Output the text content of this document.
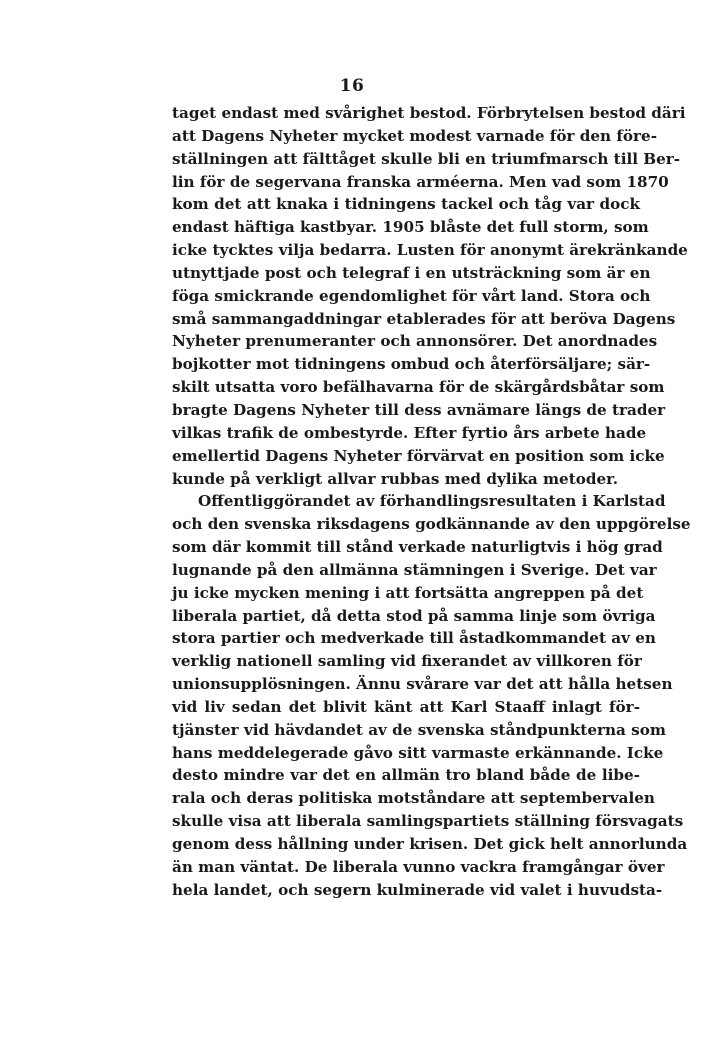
16
taget endast med svårighet bestod. Förbrytelsen bestod däri
att Dagens Nyheter mycket modest varnade för den före-
ställningen att fälttåget skulle bli en triumfmarsch till Ber-
lin för de segervana franska arméerna. Men vad som 1870
kom det att knaka i tidningens tackel och tåg var dock
endast häftiga kastbyar. 1905 blåste det full storm, som
icke tycktes vilja bedarra. Lusten för anonymt ärekränkande
utnyttjade post och telegraf i en utsträckning som är en
föga smickrande egendomlighet för vårt land. Stora och
små sammangaddningar etablerades för att beröva Dagens
Nyheter prenumeranter och annonsörer. Det anordnades
bojkotter mot tidningens ombud och återförsäljare; sär-
skilt utsatta voro befälhavarna för de skärgårdsbåtar som
bragte Dagens Nyheter till dess avnämare längs de trader
vilkas trafik de ombestyrde. Efter fyrtio års arbete hade
emellertid Dagens Nyheter förvärvat en position som icke
kunde på verkligt allvar rubbas med dylika metoder.
Offentliggörandet av förhandlingsresultaten i Karlstad
och den svenska riksdagens godkännande av den uppgörelse
som där kommit till stånd verkade naturligtvis i hög grad
lugnande på den allmänna stämningen i Sverige. Det var
ju icke mycken mening i att fortsätta angreppen på det
liberala partiet, då detta stod på samma linje som övriga
stora partier och medverkade till åstadkommandet av en
verklig nationell samling vid fixerandet av villkoren för
unionsupplösningen. Ännu svårare var det att hålla hetsen
vid liv sedan det blivit känt att Karl Staaff inlagt för-
tjänster vid hävdandet av de svenska ståndpunkterna som
hans meddelegerade gåvo sitt varmaste erkännande. Icke
desto mindre var det en allmän tro bland både de libe-
rala och deras politiska motståndare att septembervalen
skulle visa att liberala samlingspartiets ställning försvagats
genom dess hållning under krisen. Det gick helt annorlunda
än man väntat. De liberala vunno vackra framgångar över
hela landet, och segern kulminerade vid valet i huvudsta-
